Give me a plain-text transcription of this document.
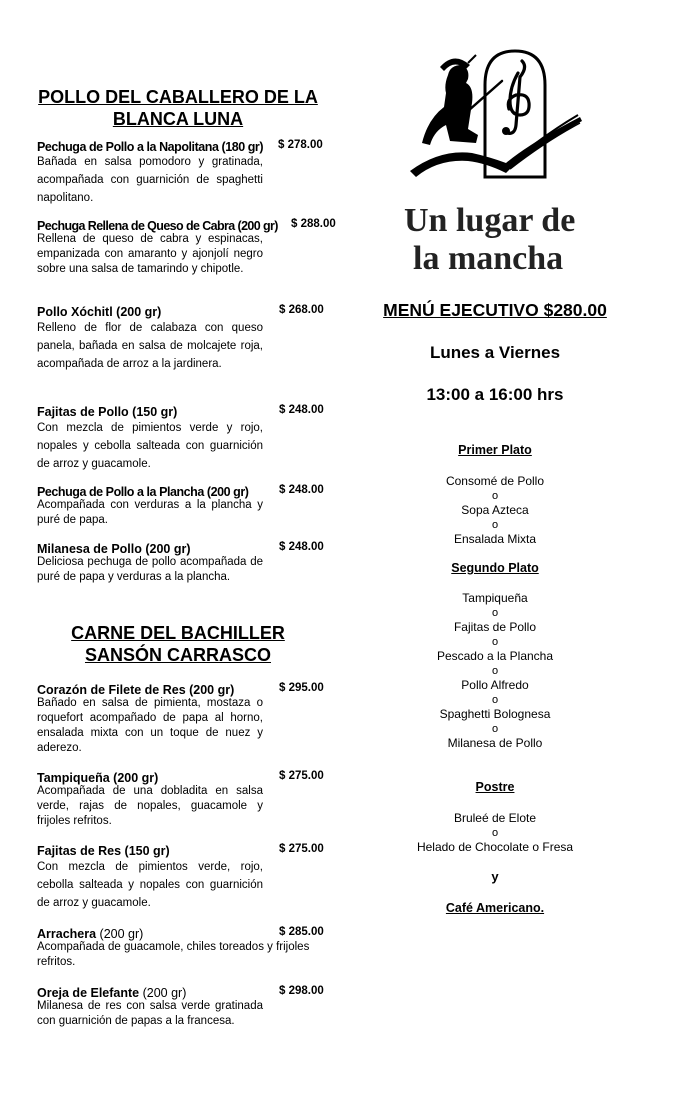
POLLO DEL CABALLERO DE LA BLANCA LUNA
Pechuga de Pollo a la Napolitana (180 gr) $ 278.00
Bañada en salsa pomodoro y gratinada, acompañada con guarnición de spaghetti napolitano.
Pechuga Rellena de Queso de Cabra (200 gr) $ 288.00
Rellena de queso de cabra y espinacas, empanizada con amaranto y ajonjolí negro sobre una salsa de tamarindo y chipotle.
Pollo Xóchitl (200 gr)	$ 268.00
Relleno de flor de calabaza con queso panela, bañada en salsa de molcajete roja, acompañada de arroz a la jardinera.
Fajitas de Pollo (150 gr)	$ 248.00
Con mezcla de pimientos verde y rojo, nopales y cebolla salteada con guarnición de arroz y guacamole.
Pechuga de Pollo a la Plancha (200 gr)	$ 248.00
Acompañada con verduras a la plancha y puré de papa.
Milanesa de Pollo (200 gr)	$ 248.00
Deliciosa pechuga de pollo acompañada de puré de papa y verduras a la plancha.
CARNE DEL BACHILLER SANSÓN CARRASCO
Corazón de Filete de Res (200 gr)	$ 295.00
Bañado en salsa de pimienta, mostaza o roquefort acompañado de papa al horno, ensalada mixta con un toque de nuez y aderezo.
Tampiqueña (200 gr)	$ 275.00
Acompañada de una dobladita en salsa verde, rajas de nopales, guacamole y frijoles refritos.
Fajitas de Res (150 gr)	$ 275.00
Con mezcla de pimientos verde, rojo, cebolla salteada y nopales con guarnición de arroz y guacamole.
Arrachera (200 gr)	$ 285.00
Acompañada de guacamole, chiles toreados y frijoles refritos.
Oreja de Elefante (200 gr)	$ 298.00
Milanesa de res con salsa verde gratinada con guarnición de papas a la francesa.
Un lugar de
la mancha
MENÚ EJECUTIVO $280.00
Lunes a Viernes
13:00 a 16:00 hrs
Primer Plato
Consomé de Pollo
o
Sopa Azteca
o
Ensalada Mixta
Segundo Plato
Tampiqueña
o
Fajitas de Pollo
o
Pescado a la Plancha
o
Pollo Alfredo
o
Spaghetti Bolognesa
o
Milanesa de Pollo
Postre
Bruleé de Elote
o
Helado de Chocolate o Fresa
y
Café Americano.
